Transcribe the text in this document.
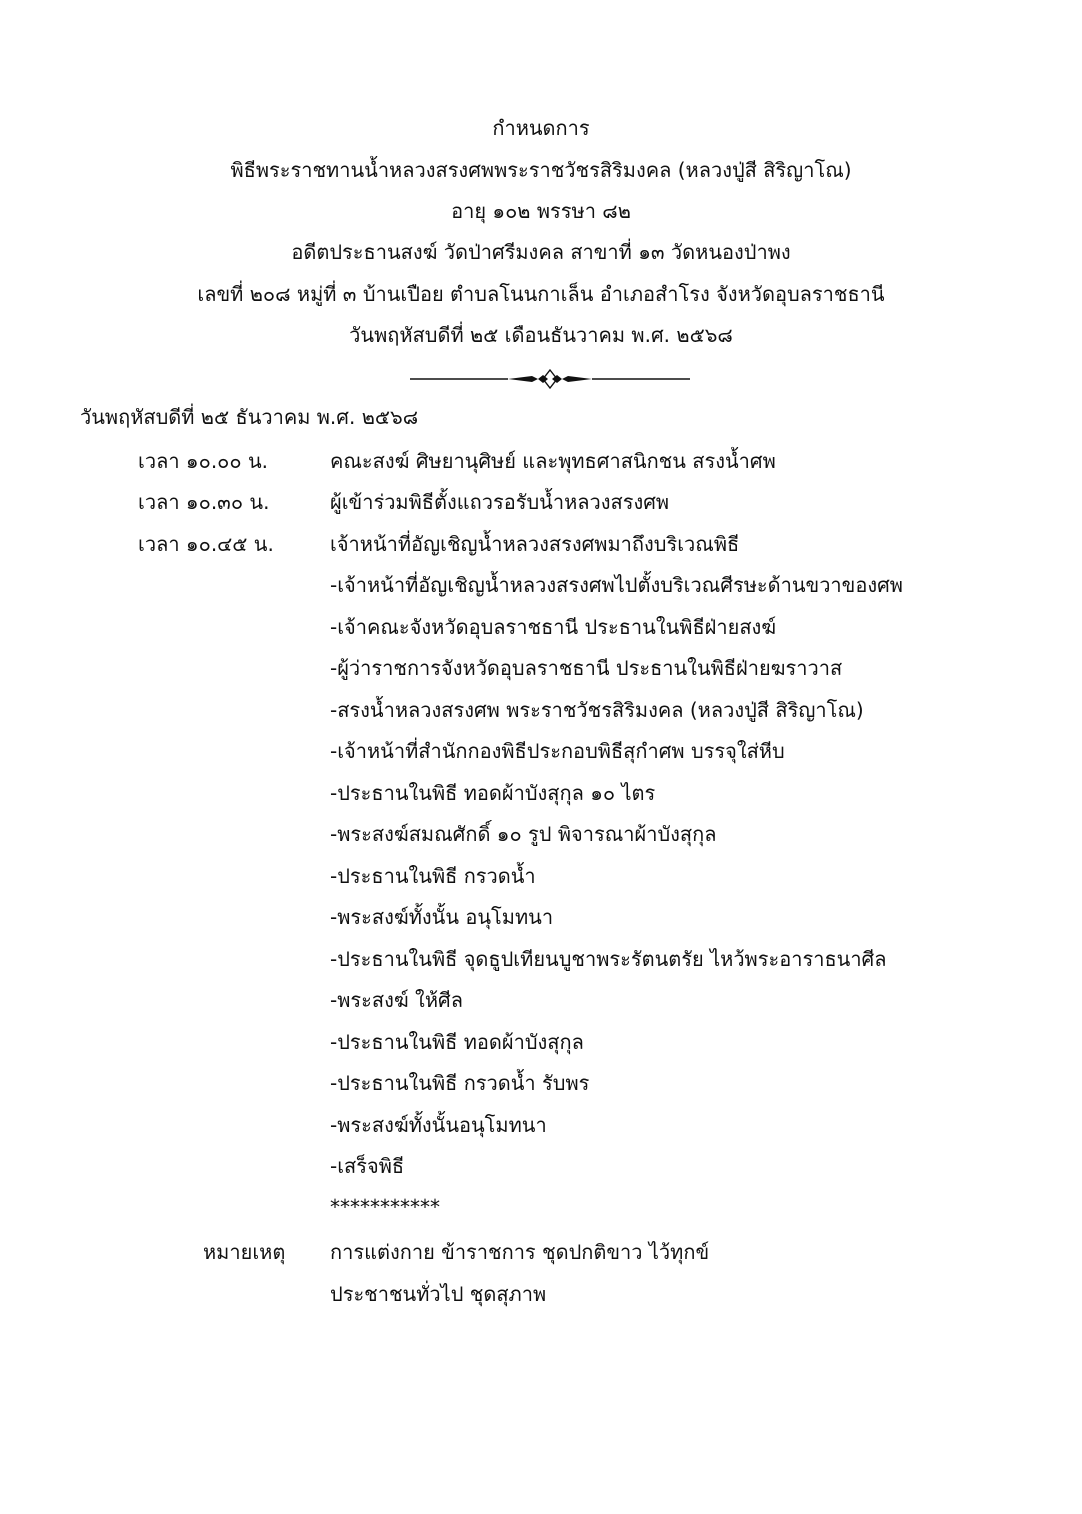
กำหนดการ
พิธีพระราชทานน้ำหลวงสรงศพพระราชวัชรสิริมงคล (หลวงปู่สี สิริญาโณ)
อายุ ๑๐๒ พรรษา ๘๒
อดีตประธานสงฆ์ วัดป่าศรีมงคล สาขาที่ ๑๓ วัดหนองป่าพง
เลขที่ ๒๐๘ หมู่ที่ ๓ บ้านเปือย ตำบลโนนกาเล็น อำเภอสำโรง จังหวัดอุบลราชธานี
วันพฤหัสบดีที่ ๒๕ เดือนธันวาคม พ.ศ. ๒๕๖๘
วันพฤหัสบดีที่ ๒๕ ธันวาคม พ.ศ. ๒๕๖๘
เวลา ๑๐.๐๐ น.	คณะสงฆ์ ศิษยานุศิษย์ และพุทธศาสนิกชน สรงน้ำศพ
เวลา ๑๐.๓๐ น.	ผู้เข้าร่วมพิธีตั้งแถวรอรับน้ำหลวงสรงศพ
เวลา ๑๐.๔๕ น.	เจ้าหน้าที่อัญเชิญน้ำหลวงสรงศพมาถึงบริเวณพิธี
-เจ้าหน้าที่อัญเชิญน้ำหลวงสรงศพไปตั้งบริเวณศีรษะด้านขวาของศพ
-เจ้าคณะจังหวัดอุบลราชธานี ประธานในพิธีฝ่ายสงฆ์
-ผู้ว่าราชการจังหวัดอุบลราชธานี ประธานในพิธีฝ่ายฆราวาส
-สรงน้ำหลวงสรงศพ พระราชวัชรสิริมงคล (หลวงปู่สี สิริญาโณ)
-เจ้าหน้าที่สำนักกองพิธีประกอบพิธีสุกำศพ บรรจุใส่หีบ
-ประธานในพิธี ทอดผ้าบังสุกุล ๑๐ ไตร
-พระสงฆ์สมณศักดิ์ ๑๐ รูป พิจารณาผ้าบังสุกุล
-ประธานในพิธี กรวดน้ำ
-พระสงฆ์ทั้งนั้น อนุโมทนา
-ประธานในพิธี จุดธูปเทียนบูชาพระรัตนตรัย ไหว้พระอาราธนาศีล
-พระสงฆ์ ให้ศีล
-ประธานในพิธี ทอดผ้าบังสุกุล
-ประธานในพิธี กรวดน้ำ รับพร
-พระสงฆ์ทั้งนั้นอนุโมทนา
-เสร็จพิธี
***********
หมายเหตุ การแต่งกาย ข้าราชการ ชุดปกติขาว ไว้ทุกข์
ประชาชนทั่วไป ชุดสุภาพ
